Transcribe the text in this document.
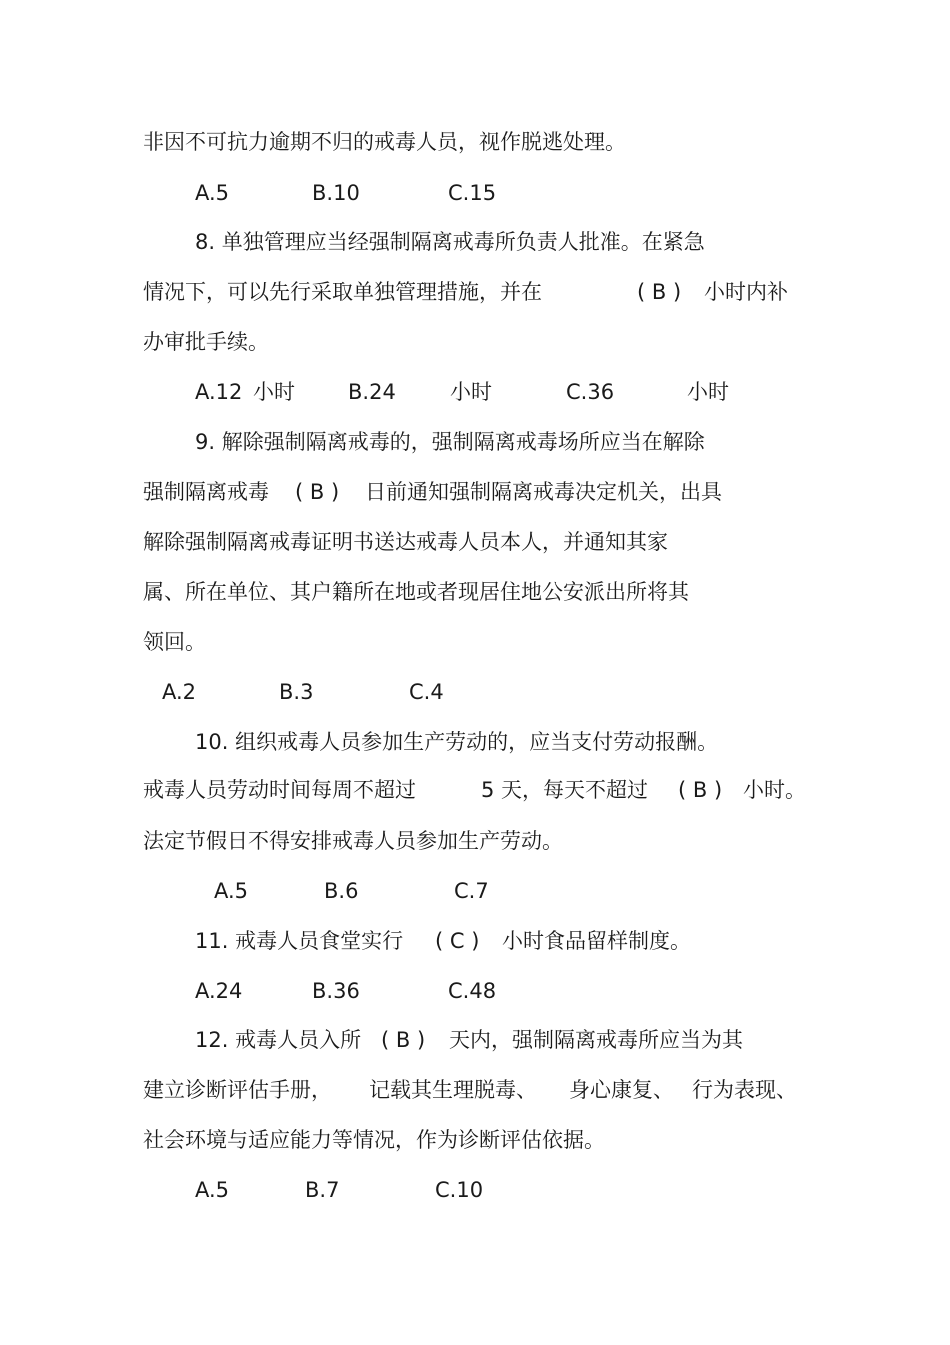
非因不可抗力逾期不归的戒毒人员，视作脱逃处理。
A.5	B.10	C.15
8. 单独管理应当经强制隔离戒毒所负责人批准。在紧急
情况下，可以先行采取单独管理措施，并在	( B ) 小时内补
办审批手续。
A.12 小时	B.24	小时	C.36	小时
9. 解除强制隔离戒毒的，强制隔离戒毒场所应当在解除
强制隔离戒毒 ( B ) 日前通知强制隔离戒毒决定机关，出具
解除强制隔离戒毒证明书送达戒毒人员本人，并通知其家
属、所在单位、其户籍所在地或者现居住地公安派出所将其
领回。
A.2	B.3	C.4
10. 组织戒毒人员参加生产劳动的，应当支付劳动报酬。
戒毒人员劳动时间每周不超过	5 天，每天不超过 ( B ) 小时。
法定节假日不得安排戒毒人员参加生产劳动。
A.5	B.6	C.7
11. 戒毒人员食堂实行 ( C ) 小时食品留样制度。
A.24	B.36	C.48
12. 戒毒人员入所 ( B ) 天内，强制隔离戒毒所应当为其
建立诊断评估手册， 记载其生理脱毒、 身心康复、 行为表现、
社会环境与适应能力等情况，作为诊断评估依据。
A.5	B.7	C.10
